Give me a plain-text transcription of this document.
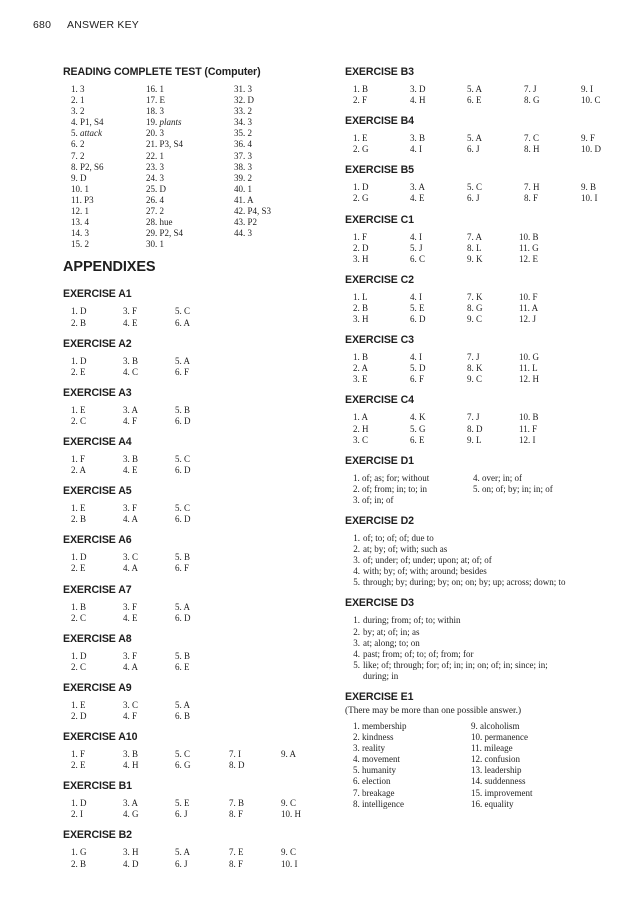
680 ANSWER KEY
READING COMPLETE TEST (Computer)
1. 3	16. 1	31. 3
2. 1	17. E	32. D
3. 2	18. 3	33. 2
4. P1, S4	19. plants	34. 3
5. attack	20. 3	35. 2
6. 2	21. P3, S4	36. 4
7. 2	22. 1	37. 3
8. P2, S6	23. 3	38. 3
9. D	24. 3	39. 2
10. 1	25. D	40. 1
11. P3	26. 4	41. A
12. 1	27. 2	42. P4, S3
13. 4	28. hue	43. P2
14. 3	29. P2, S4	44. 3
15. 2	30. 1
APPENDIXES
EXERCISE A1
1. D	3. F	5. C
2. B	4. E	6. A
EXERCISE A2
1. D	3. B	5. A
2. E	4. C	6. F
EXERCISE A3
1. E	3. A	5. B
2. C	4. F	6. D
EXERCISE A4
1. F	3. B	5. C
2. A	4. E	6. D
EXERCISE A5
1. E	3. F	5. C
2. B	4. A	6. D
EXERCISE A6
1. D	3. C	5. B
2. E	4. A	6. F
EXERCISE A7
1. B	3. F	5. A
2. C	4. E	6. D
EXERCISE A8
1. D	3. F	5. B
2. C	4. A	6. E
EXERCISE A9
1. E	3. C	5. A
2. D	4. F	6. B
EXERCISE A10
1. F	3. B	5. C	7. I	9. A
2. E	4. H	6. G	8. D
EXERCISE B1
1. D	3. A	5. E	7. B	9. C
2. I	4. G	6. J	8. F	10. H
EXERCISE B2
1. G	3. H	5. A	7. E	9. C
2. B	4. D	6. J	8. F	10. I
EXERCISE B3
1. B	3. D	5. A	7. J	9. I
2. F	4. H	6. E	8. G	10. C
EXERCISE B4
1. E	3. B	5. A	7. C	9. F
2. G	4. I	6. J	8. H	10. D
EXERCISE B5
1. D	3. A	5. C	7. H	9. B
2. G	4. E	6. J	8. F	10. I
EXERCISE C1
1. F	4. I	7. A	10. B
2. D	5. J	8. L	11. G
3. H	6. C	9. K	12. E
EXERCISE C2
1. L	4. I	7. K	10. F
2. B	5. E	8. G	11. A
3. H	6. D	9. C	12. J
EXERCISE C3
1. B	4. I	7. J	10. G
2. A	5. D	8. K	11. L
3. E	6. F	9. C	12. H
EXERCISE C4
1. A	4. K	7. J	10. B
2. H	5. G	8. D	11. F
3. C	6. E	9. L	12. I
EXERCISE D1
1. of; as; for; without	4. over; in; of
2. of; from; in; to; in	5. on; of; by; in; in; of
3. of; in; of
EXERCISE D2
1. of; to; of; of; due to
2. at; by; of; with; such as
3. of; under; of; under; upon; at; of; of
4. with; by; of; with; around; besides
5. through; by; during; by; on; on; by; up; across; down; to
EXERCISE D3
1. during; from; of; to; within
2. by; at; of; in; as
3. at; along; to; on
4. past; from; of; to; of; from; for
5. like; of; through; for; of; in; in; on; of; in; since; in;
during; in
EXERCISE E1
(There may be more than one possible answer.)
1. membership	9. alcoholism
2. kindness	10. permanence
3. reality	11. mileage
4. movement	12. confusion
5. humanity	13. leadership
6. election	14. suddenness
7. breakage	15. improvement
8. intelligence	16. equality
